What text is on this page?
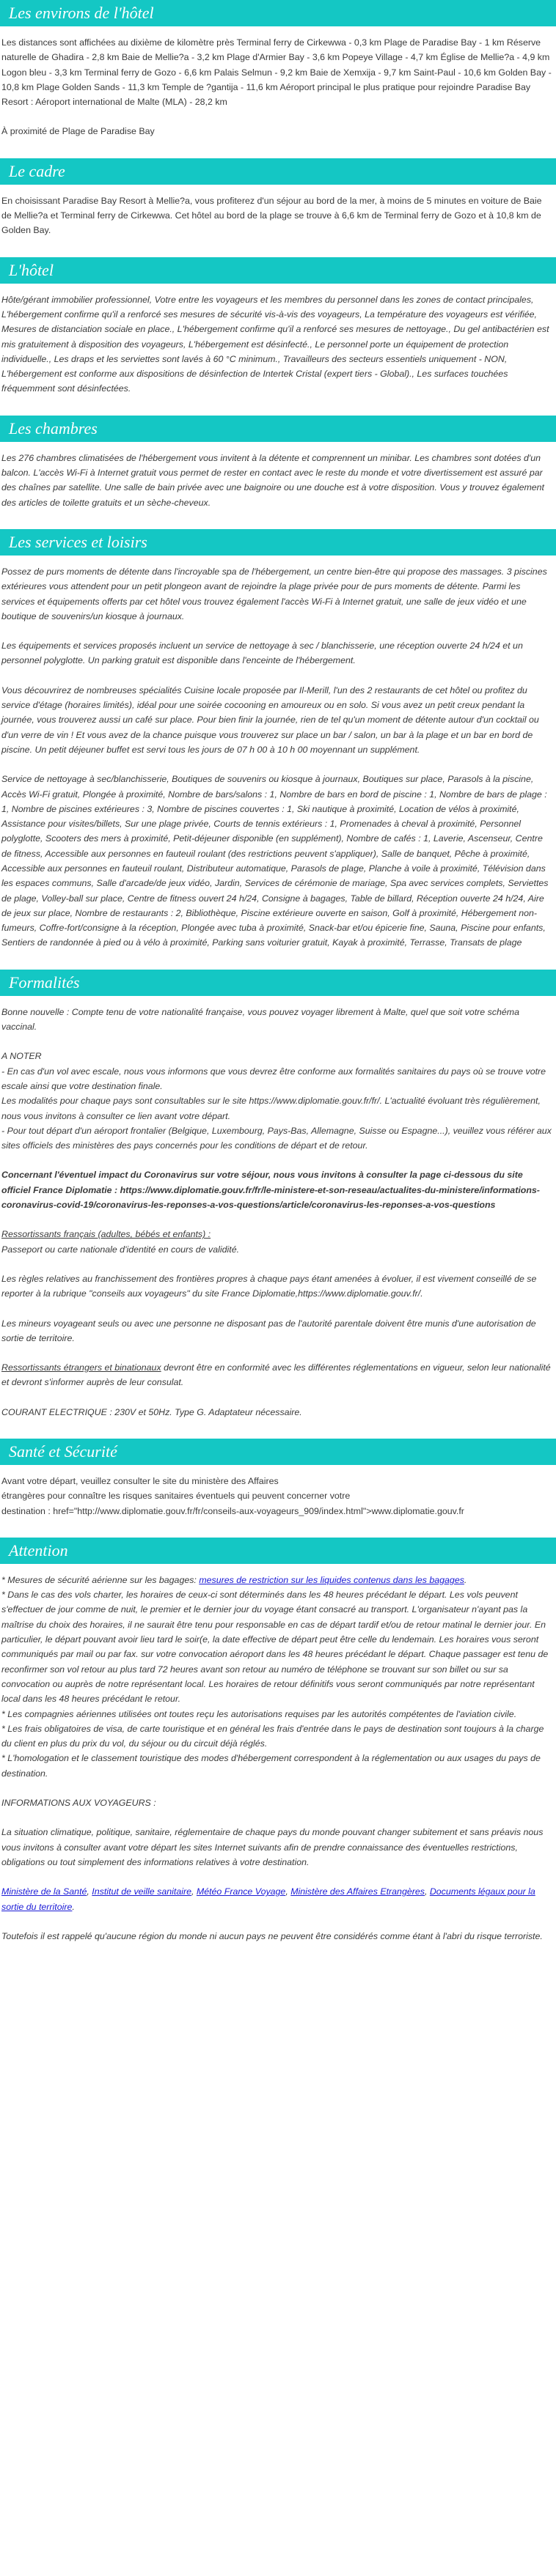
Les environs de l'hôtel

Les distances sont affichées au dixième de kilomètre près Terminal ferry de Cirkewwa - 0,3 km Plage de Paradise Bay - 1 km Réserve naturelle de Ghadira - 2,8 km Baie de Mellie?a - 3,2 km Plage d'Armier Bay - 3,6 km Popeye Village - 4,7 km Église de Mellie?a - 4,9 km Logon bleu - 3,3 km Terminal ferry de Gozo - 6,6 km Palais Selmun - 9,2 km Baie de Xemxija - 9,7 km Saint-Paul - 10,6 km Golden Bay - 10,8 km Plage Golden Sands - 11,3 km Temple de ?gantija - 11,6 km Aéroport principal le plus pratique pour rejoindre Paradise Bay Resort : Aéroport international de Malte (MLA) - 28,2 km

À proximité de Plage de Paradise Bay

Le cadre

En choisissant Paradise Bay Resort à Mellie?a, vous profiterez d'un séjour au bord de la mer, à moins de 5 minutes en voiture de Baie de Mellie?a et Terminal ferry de Cirkewwa. Cet hôtel au bord de la plage se trouve à 6,6 km de Terminal ferry de Gozo et à 10,8 km de Golden Bay.

L'hôtel

Hôte/gérant immobilier professionnel, Votre entre les voyageurs et les membres du personnel dans les zones de contact principales, L'hébergement confirme qu'il a renforcé ses mesures de sécurité vis-à-vis des voyageurs, La température des voyageurs est vérifiée, Mesures de distanciation sociale en place., L'hébergement confirme qu'il a renforcé ses mesures de nettoyage., Du gel antibactérien est mis gratuitement à disposition des voyageurs, L'hébergement est désinfecté., Le personnel porte un équipement de protection individuelle., Les draps et les serviettes sont lavés à 60 °C minimum., Travailleurs des secteurs essentiels uniquement - NON, L'hébergement est conforme aux dispositions de désinfection de Intertek Cristal (expert tiers - Global)., Les surfaces touchées fréquemment sont désinfectées.

Les chambres

Les 276 chambres climatisées de l'hébergement vous invitent à la détente et comprennent un minibar. Les chambres sont dotées d'un balcon. L'accès Wi-Fi à Internet gratuit vous permet de rester en contact avec le reste du monde et votre divertissement est assuré par des chaînes par satellite. Une salle de bain privée avec une baignoire ou une douche est à votre disposition. Vous y trouvez également des articles de toilette gratuits et un sèche-cheveux.

Les services et loisirs

Possez de purs moments de détente dans l'incroyable spa de l'hébergement, un centre bien-être qui propose des massages. 3 piscines extérieures vous attendent pour un petit plongeon avant de rejoindre la plage privée pour de purs moments de détente. Parmi les services et équipements offerts par cet hôtel vous trouvez également l'accès Wi-Fi à Internet gratuit, une salle de jeux vidéo et une boutique de souvenirs/un kiosque à journaux.

Les équipements et services proposés incluent un service de nettoyage à sec / blanchisserie, une réception ouverte 24 h/24 et un personnel polyglotte. Un parking gratuit est disponible dans l'enceinte de l'hébergement.

Vous découvrirez de nombreuses spécialités Cuisine locale proposée par Il-Merill, l'un des 2 restaurants de cet hôtel ou profitez du service d'étage (horaires limités), idéal pour une soirée cocooning en amoureux ou en solo. Si vous avez un petit creux pendant la journée, vous trouverez aussi un café sur place. Pour bien finir la journée, rien de tel qu'un moment de détente autour d'un cocktail ou d'un verre de vin ! Et vous avez de la chance puisque vous trouverez sur place un bar / salon, un bar à la plage et un bar en bord de piscine. Un petit déjeuner buffet est servi tous les jours de 07 h 00 à 10 h 00 moyennant un supplément.

Service de nettoyage à sec/blanchisserie, Boutiques de souvenirs ou kiosque à journaux, Boutiques sur place, Parasols à la piscine, Accès Wi-Fi gratuit, Plongée à proximité, Nombre de bars/salons : 1, Nombre de bars en bord de piscine : 1, Nombre de bars de plage : 1, Nombre de piscines extérieures : 3, Nombre de piscines couvertes : 1, Ski nautique à proximité, Location de vélos à proximité, Assistance pour visites/billets, Sur une plage privée, Courts de tennis extérieurs : 1, Promenades à cheval à proximité, Personnel polyglotte, Scooters des mers à proximité, Petit-déjeuner disponible (en supplément), Nombre de cafés : 1, Laverie, Ascenseur, Centre de fitness, Accessible aux personnes en fauteuil roulant (des restrictions peuvent s'appliquer), Salle de banquet, Pêche à proximité, Accessible aux personnes en fauteuil roulant, Distributeur automatique, Parasols de plage, Planche à voile à proximité, Télévision dans les espaces communs, Salle d'arcade/de jeux vidéo, Jardin, Services de cérémonie de mariage, Spa avec services complets, Serviettes de plage, Volley-ball sur place, Centre de fitness ouvert 24 h/24, Consigne à bagages, Table de billard, Réception ouverte 24 h/24, Aire de jeux sur place, Nombre de restaurants : 2, Bibliothèque, Piscine extérieure ouverte en saison, Golf à proximité, Hébergement non-fumeurs, Coffre-fort/consigne à la réception, Plongée avec tuba à proximité, Snack-bar et/ou épicerie fine, Sauna, Piscine pour enfants, Sentiers de randonnée à pied ou à vélo à proximité, Parking sans voiturier gratuit, Kayak à proximité, Terrasse, Transats de plage

Formalités

Bonne nouvelle : Compte tenu de votre nationalité française, vous pouvez voyager librement à Malte, quel que soit votre schéma vaccinal.

A NOTER
- En cas d'un vol avec escale, nous vous informons que vous devrez être conforme aux formalités sanitaires du pays où se trouve votre escale ainsi que votre destination finale.
Les modalités pour chaque pays sont consultables sur le site https://www.diplomatie.gouv.fr/fr/. L'actualité évoluant très régulièrement, nous vous invitons à consulter ce lien avant votre départ.
- Pour tout départ d'un aéroport frontalier (Belgique, Luxembourg, Pays-Bas, Allemagne, Suisse ou Espagne...), veuillez vous référer aux sites officiels des ministères des pays concernés pour les conditions de départ et de retour.

Concernant l'éventuel impact du Coronavirus sur votre séjour, nous vous invitons à consulter la page ci-dessous du site officiel France Diplomatie : https://www.diplomatie.gouv.fr/fr/le-ministere-et-son-reseau/actualites-du-ministere/informations-coronavirus-covid-19/coronavirus-les-reponses-a-vos-questions/article/coronavirus-les-reponses-a-vos-questions

Ressortissants français (adultes, bébés et enfants) :
Passeport ou carte nationale d'identité en cours de validité.

Les règles relatives au franchissement des frontières propres à chaque pays étant amenées à évoluer, il est vivement conseillé de se reporter à la rubrique "conseils aux voyageurs" du site France Diplomatie,https://www.diplomatie.gouv.fr/.

Les mineurs voyageant seuls ou avec une personne ne disposant pas de l'autorité parentale doivent être munis d'une autorisation de sortie de territoire.

Ressortissants étrangers et binationaux devront être en conformité avec les différentes réglementations en vigueur, selon leur nationalité et devront s'informer auprès de leur consulat.

COURANT ELECTRIQUE : 230V et 50Hz. Type G. Adaptateur nécessaire.

Santé et Sécurité

Avant votre départ, veuillez consulter le site du ministère des Affaires
étrangères pour connaître les risques sanitaires éventuels qui peuvent concerner votre
destination : href="http://www.diplomatie.gouv.fr/fr/conseils-aux-voyageurs_909/index.html">www.diplomatie.gouv.fr

Attention

* Mesures de sécurité aérienne sur les bagages: mesures de restriction sur les liquides contenus dans les bagages.
* Dans le cas des vols charter, les horaires de ceux-ci sont déterminés dans les 48 heures précédant le départ. Les vols peuvent s'effectuer de jour comme de nuit, le premier et le dernier jour du voyage étant consacré au transport. L'organisateur n'ayant pas la maîtrise du choix des horaires, il ne saurait être tenu pour responsable en cas de départ tardif et/ou de retour matinal le dernier jour. En particulier, le départ pouvant avoir lieu tard le soir(e, la date effective de départ peut être celle du lendemain. Les horaires vous seront communiqués par mail ou par fax. sur votre convocation aéroport dans les 48 heures précédant le départ. Chaque passager est tenu de reconfirmer son vol retour au plus tard 72 heures avant son retour au numéro de téléphone se trouvant sur son billet ou sur sa convocation ou auprès de notre représentant local. Les horaires de retour définitifs vous seront communiqués par notre représentant local dans les 48 heures précédant le retour.
* Les compagnies aériennes utilisées ont toutes reçu les autorisations requises par les autorités compétentes de l'aviation civile.
* Les frais obligatoires de visa, de carte touristique et en général les frais d'entrée dans le pays de destination sont toujours à la charge du client en plus du prix du vol, du séjour ou du circuit déjà réglés.
* L'homologation et le classement touristique des modes d'hébergement correspondent à la réglementation ou aux usages du pays de destination.

INFORMATIONS AUX VOYAGEURS :

La situation climatique, politique, sanitaire, réglementaire de chaque pays du monde pouvant changer subitement et sans préavis nous vous invitons à consulter avant votre départ les sites Internet suivants afin de prendre connaissance des éventuelles restrictions, obligations ou tout simplement des informations relatives à votre destination.

Ministère de la Santé, Institut de veille sanitaire, Météo France Voyage, Ministère des Affaires Etrangères, Documents légaux pour la sortie du territoire.

Toutefois il est rappelé qu'aucune région du monde ni aucun pays ne peuvent être considérés comme étant à l'abri du risque terroriste.
